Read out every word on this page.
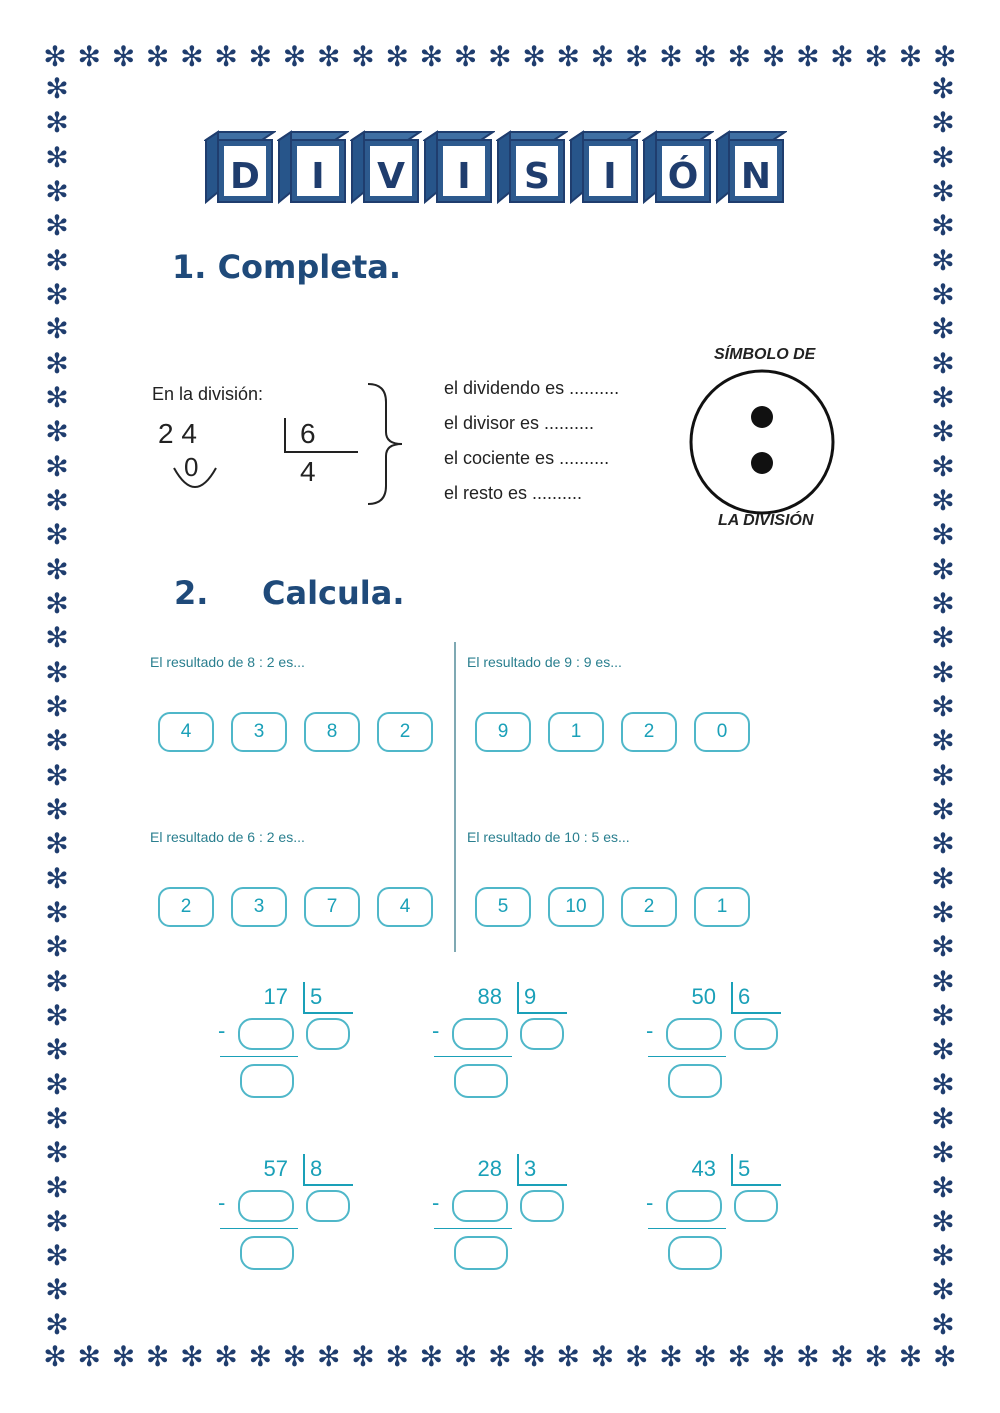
✻ ✻ ✻ ✻ ✻ ✻ ✻ ✻ ✻ ✻ ✻ ✻ ✻ ✻ ✻ ✻ ✻ ✻ ✻ ✻ ✻ ✻ ✻ ✻ ✻ ✻ ✻
✻ ✻ ✻ ✻ ✻ ✻ ✻ ✻ ✻ ✻ ✻ ✻ ✻ ✻ ✻ ✻ ✻ ✻ ✻ ✻ ✻ ✻ ✻ ✻ ✻ ✻ ✻
✻
✻
✻
✻
✻
✻
✻
✻
✻
✻
✻
✻
✻
✻
✻
✻
✻
✻
✻
✻
✻
✻
✻
✻
✻
✻
✻
✻
✻
✻
✻
✻
✻
✻
✻
✻
✻
✻
✻
✻
✻
✻
✻
✻
✻
✻
✻
✻
✻
✻
✻
✻
✻
✻
✻
✻
✻
✻
✻
✻
✻
✻
✻
✻
✻
✻
✻
✻
✻
✻
✻
✻
✻
✻
D I V I S I Ó N
1. Completa.
En la división:
2 4	6
4
0
el dividendo es ..........
el divisor es ..........
el cociente es ..........
el resto es ..........
SÍMBOLO DE
LA DIVISIÓN
2. Calcula.
El resultado de 8 : 2 es...
4	3	8	2
El resultado de 9 : 9 es...
9	1	2	0
El resultado de 6 : 2 es...
2	3	7	4
El resultado de 10 : 5 es...
5	10	2	1
17 5
-
88 9
-
50 6
-
57 8
-
28 3
-
43 5
-
